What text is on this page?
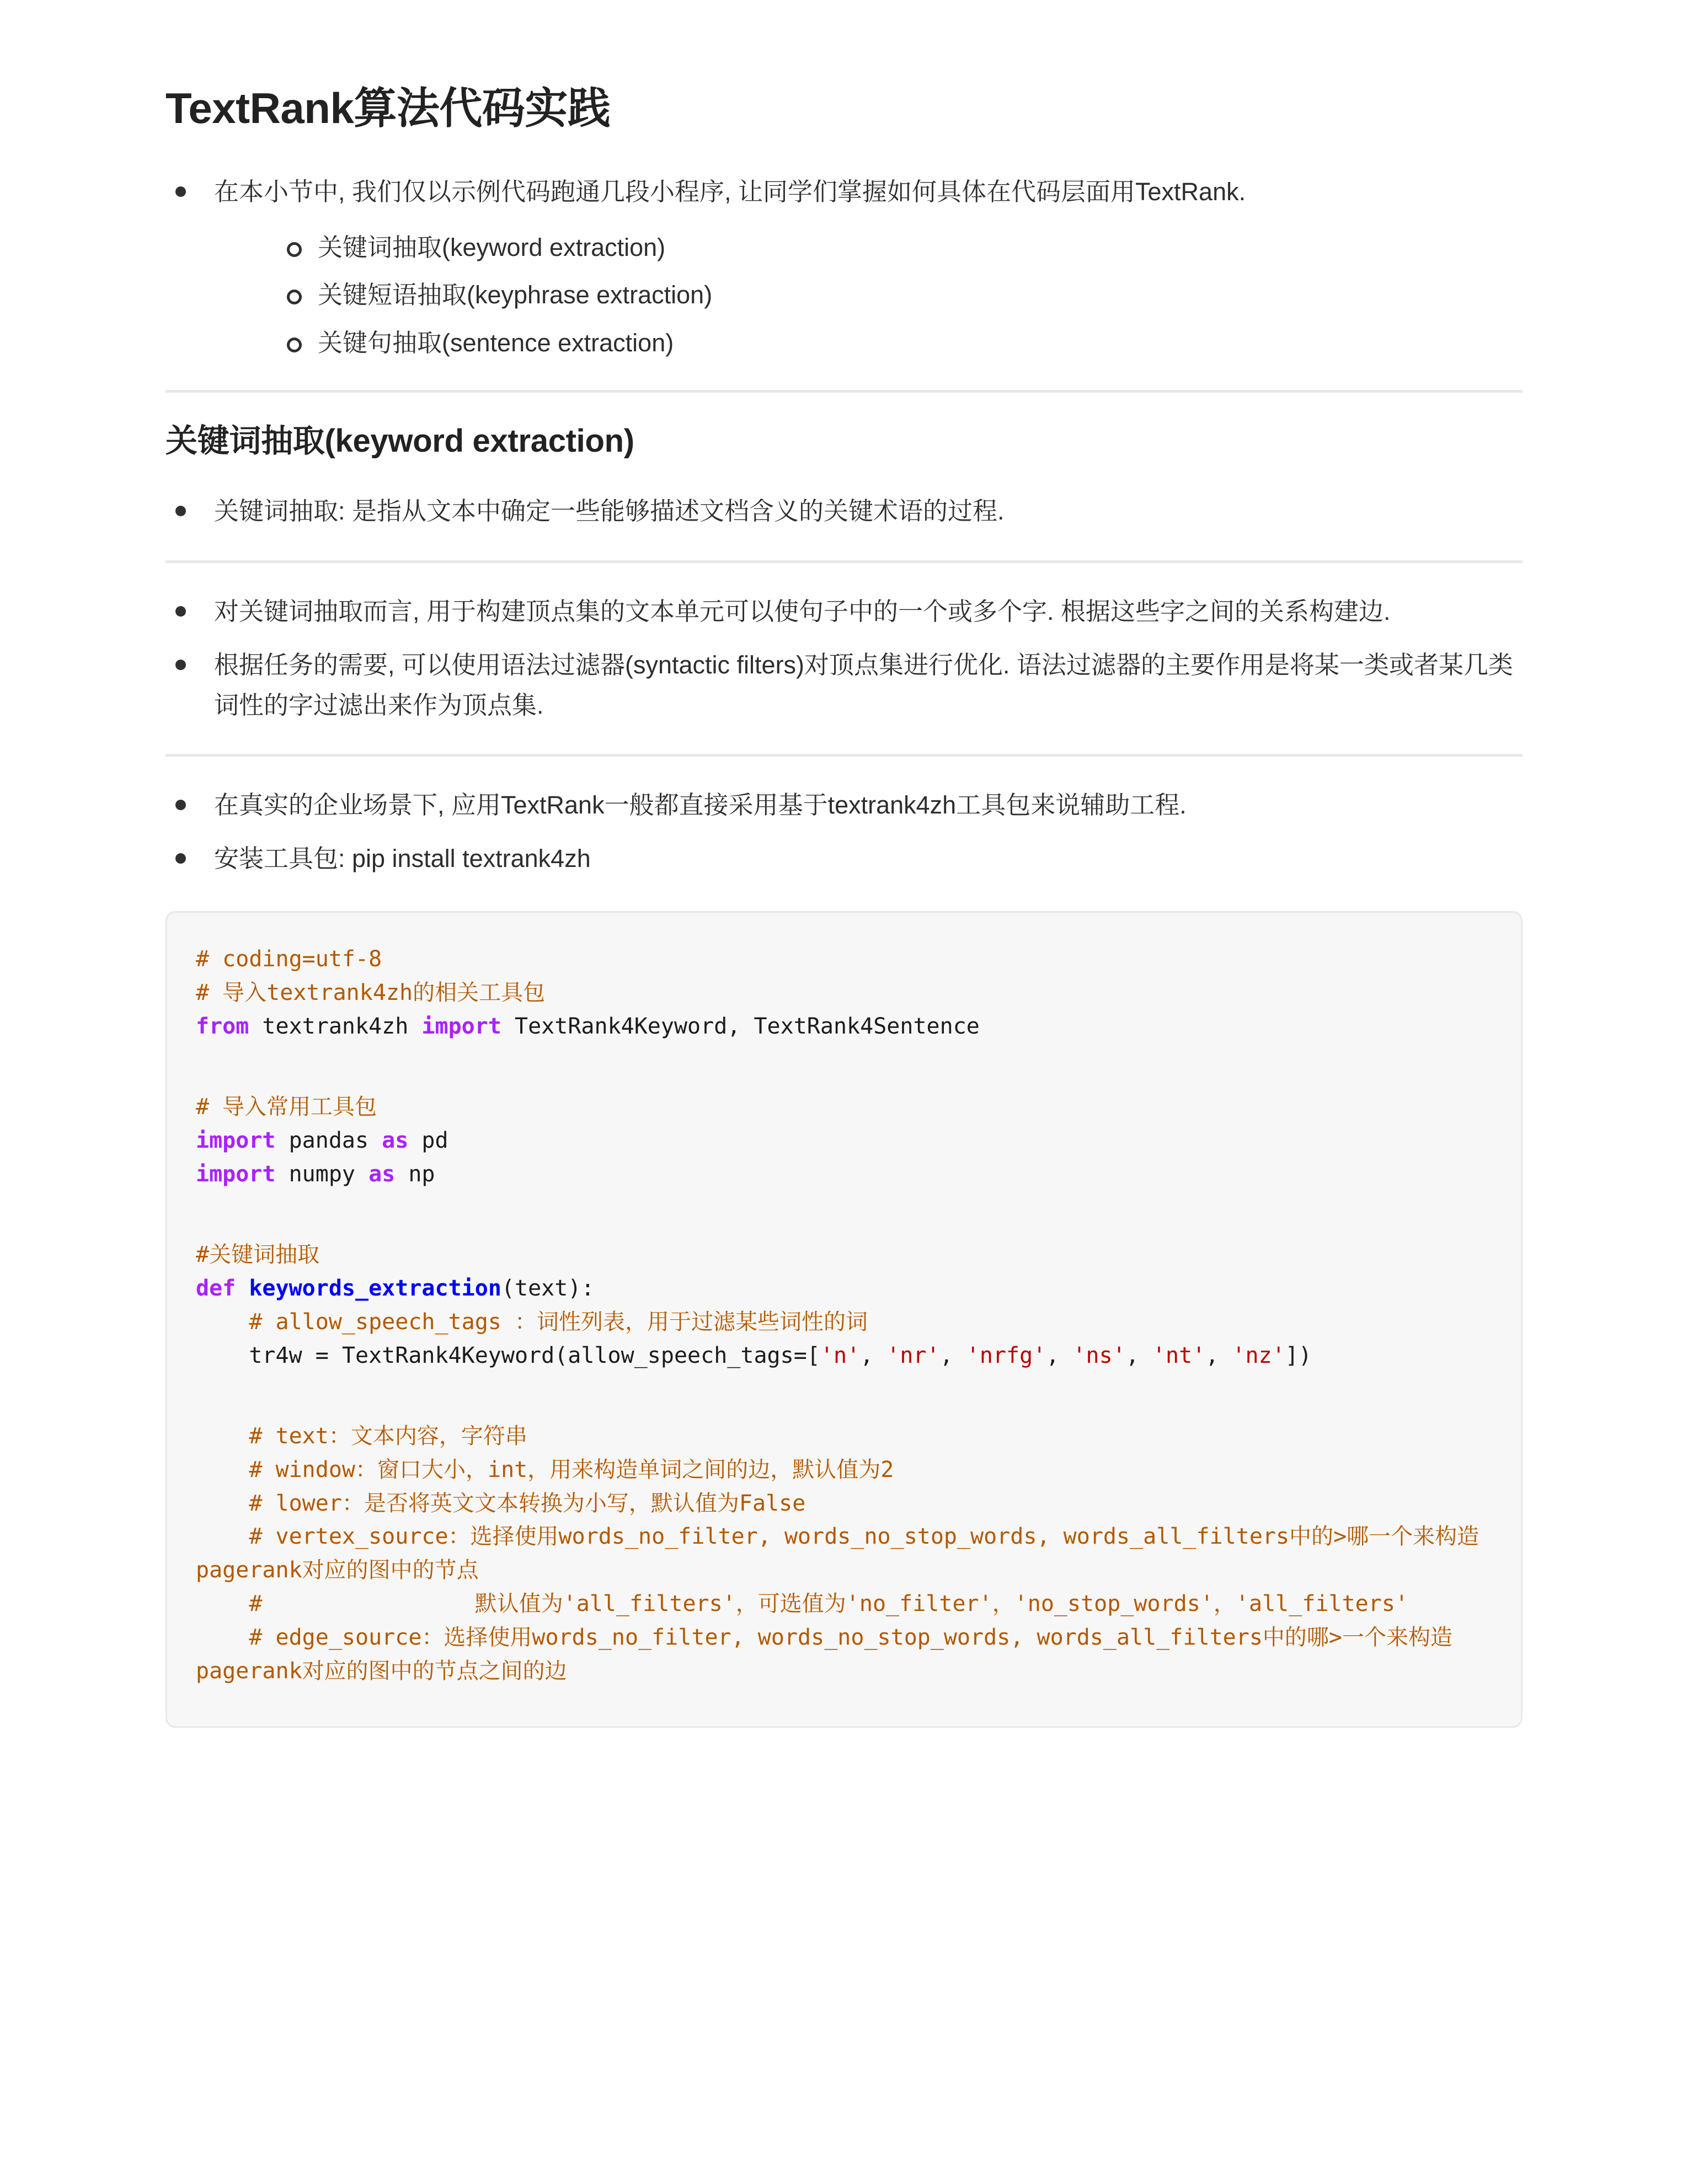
TextRank算法代码实践
在本小节中, 我们仅以示例代码跑通几段小程序, 让同学们掌握如何具体在代码层面用TextRank.
关键词抽取(keyword extraction)
关键短语抽取(keyphrase extraction)
关键句抽取(sentence extraction)
关键词抽取(keyword extraction)
关键词抽取: 是指从文本中确定一些能够描述文档含义的关键术语的过程.
对关键词抽取而言, 用于构建顶点集的文本单元可以使句子中的一个或多个字. 根据这些字之间的关系构建边.
根据任务的需要, 可以使用语法过滤器(syntactic filters)对顶点集进行优化. 语法过滤器的主要作用是将某一类或者某几类词性的字过滤出来作为顶点集.
在真实的企业场景下, 应用TextRank一般都直接采用基于textrank4zh工具包来说辅助工程.
安装工具包: pip install textrank4zh
# coding=utf-8
# 导入textrank4zh的相关工具包
from textrank4zh import TextRank4Keyword, TextRank4Sentence

# 导入常用工具包
import pandas as pd
import numpy as np

#关键词抽取
def keywords_extraction(text):
# allow_speech_tags ：词性列表，用于过滤某些词性的词
tr4w = TextRank4Keyword(allow_speech_tags=['n', 'nr', 'nrfg', 'ns', 'nt', 'nz'])

# text：文本内容，字符串
# window：窗口大小，int，用来构造单词之间的边，默认值为2
# lower：是否将英文文本转换为小写，默认值为False
# vertex_source：选择使用words_no_filter, words_no_stop_words, words_all_filters中的>哪一个来构造pagerank对应的图中的节点
#                默认值为'all_filters'，可选值为'no_filter'，'no_stop_words'，'all_filters'
# edge_source：选择使用words_no_filter, words_no_stop_words, words_all_filters中的哪>一个来构造pagerank对应的图中的节点之间的边
